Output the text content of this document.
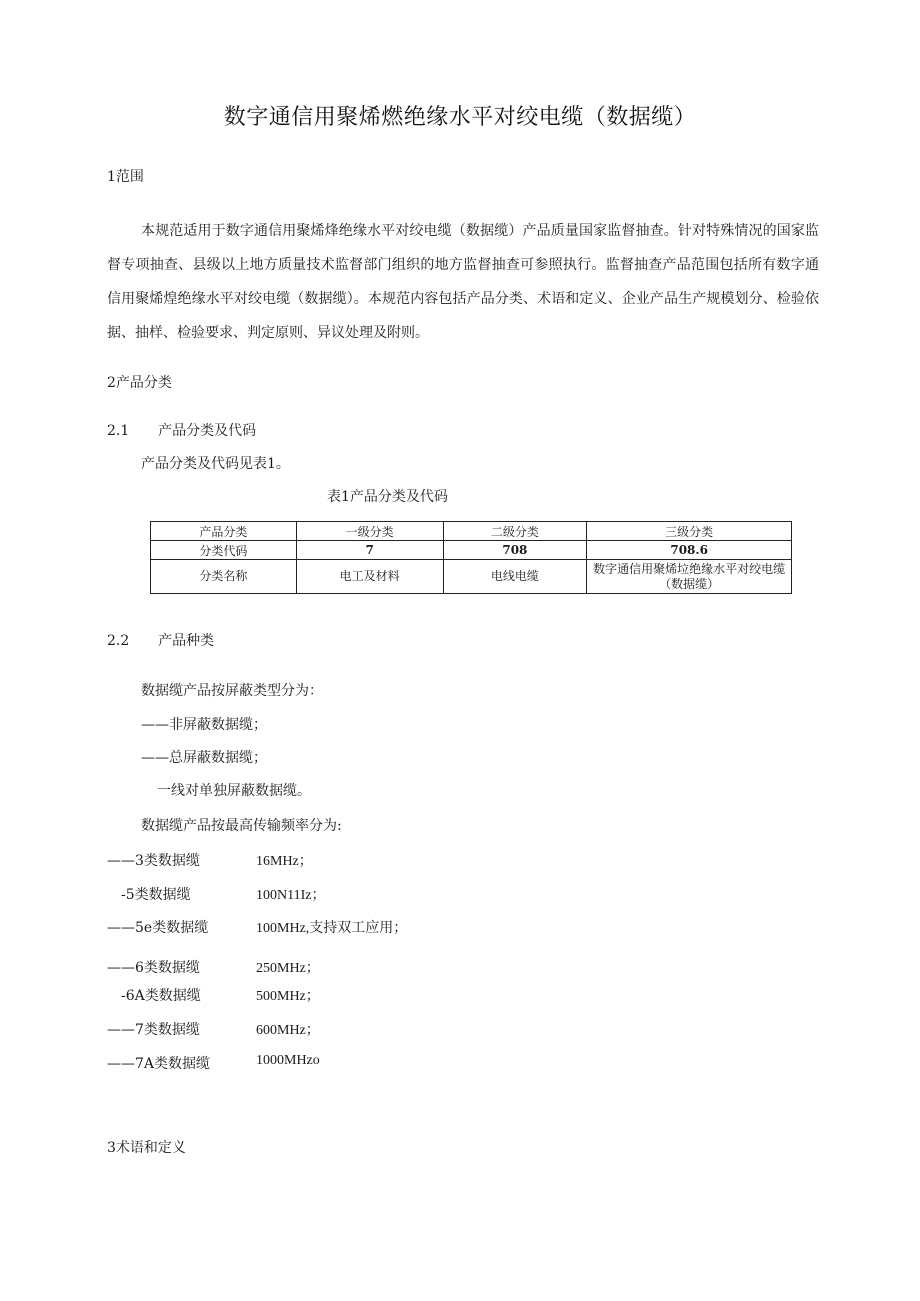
数字通信用聚烯燃绝缘水平对绞电缆（数据缆）
1范围
本规范适用于数字通信用聚烯烽绝缘水平对绞电缆（数据缆）产品质量国家监督抽查。针对特殊情况的国家监督专项抽查、县级以上地方质量技术监督部门组织的地方监督抽查可参照执行。监督抽查产品范围包括所有数字通信用聚烯煌绝缘水平对绞电缆（数据缆）。本规范内容包括产品分类、术语和定义、企业产品生产规模划分、检验依据、抽样、检验要求、判定原则、异议处理及附则。
2产品分类
2.1 产品分类及代码
产品分类及代码见表1。
表1产品分类及代码
产品分类	一级分类	二级分类	三级分类
分类代码	7	708	708.6
分类名称	电工及材料	电线电缆	数字通信用聚烯垃绝缘水平对绞电缆（数据缆）
2.2 产品种类
数据缆产品按屏蔽类型分为：
——非屏蔽数据缆；
——总屏蔽数据缆；
一线对单独屏蔽数据缆。
数据缆产品按最高传输频率分为:
——3类数据缆	16MHz；
-5类数据缆	100N11Iz；
——5e类数据缆	100MHz,支持双工应用；
——6类数据缆	250MHz；
-6A类数据缆	500MHz；
——7类数据缆	600MHz；
——7A类数据缆	1000MHzo
3术语和定义
